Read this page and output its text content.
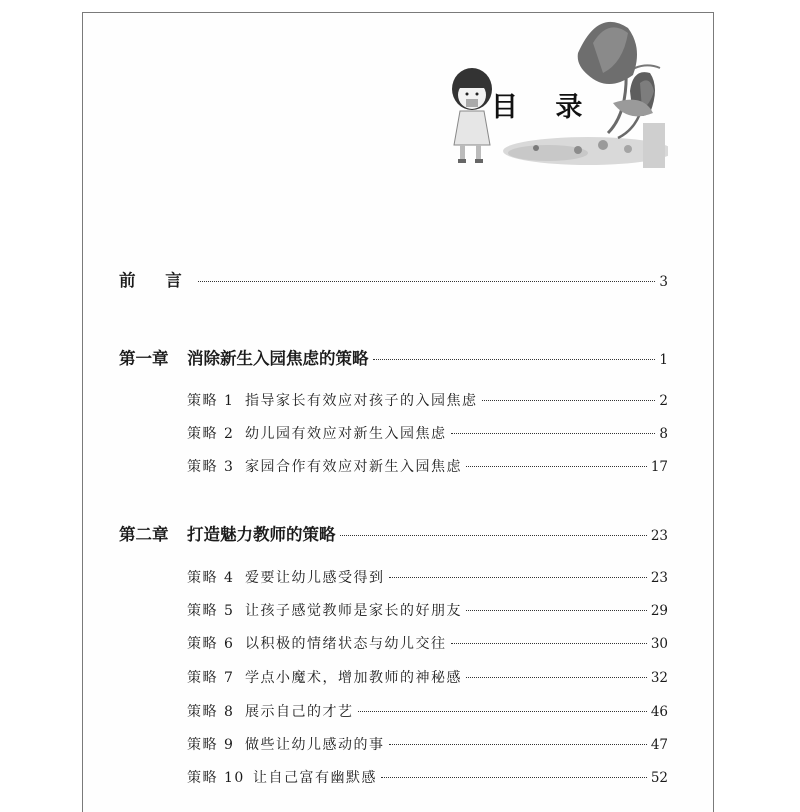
目 录
前 言	3
第一章	消除新生入园焦虑的策略	1
策略 1 指导家长有效应对孩子的入园焦虑	2
策略 2 幼儿园有效应对新生入园焦虑	8
策略 3 家园合作有效应对新生入园焦虑	17
第二章	打造魅力教师的策略	23
策略 4 爱要让幼儿感受得到	23
策略 5 让孩子感觉教师是家长的好朋友	29
策略 6 以积极的情绪状态与幼儿交往	30
策略 7 学点小魔术，增加教师的神秘感	32
策略 8 展示自己的才艺	46
策略 9 做些让幼儿感动的事	47
策略 10 让自己富有幽默感	52
